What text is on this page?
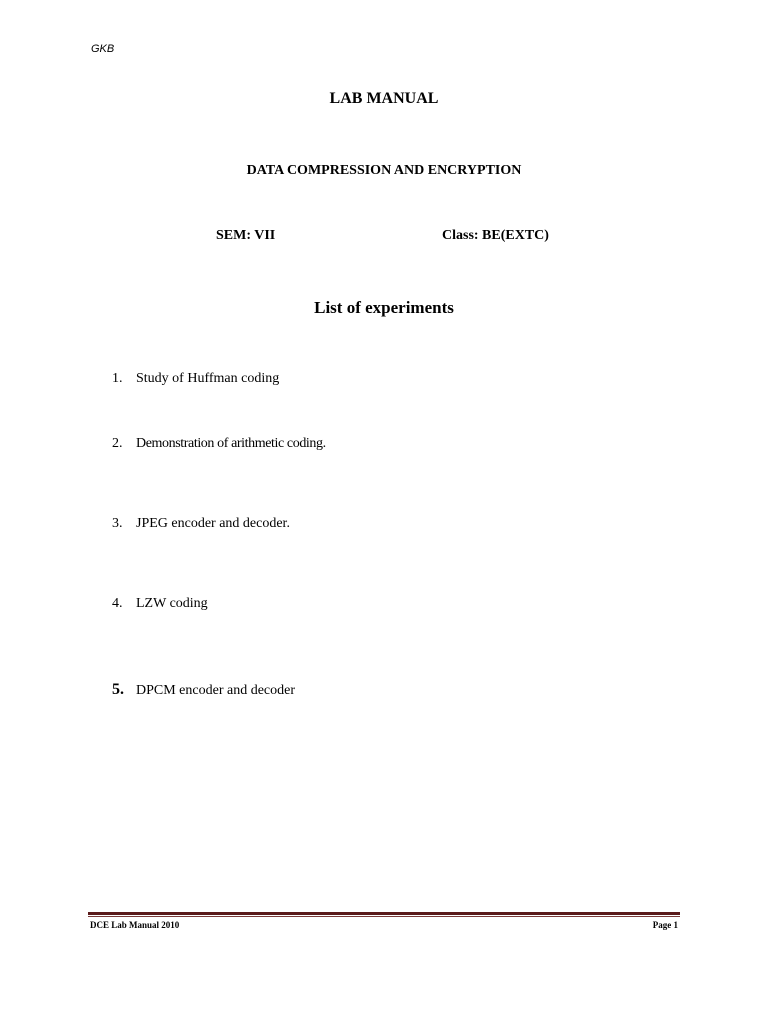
GKB
LAB MANUAL
DATA COMPRESSION AND ENCRYPTION
SEM: VII	Class: BE(EXTC)
List of experiments
1. Study of Huffman coding
2. Demonstration of arithmetic coding.
3. JPEG encoder and decoder.
4. LZW coding
5. DPCM encoder and decoder
DCE Lab Manual 2010	Page 1
